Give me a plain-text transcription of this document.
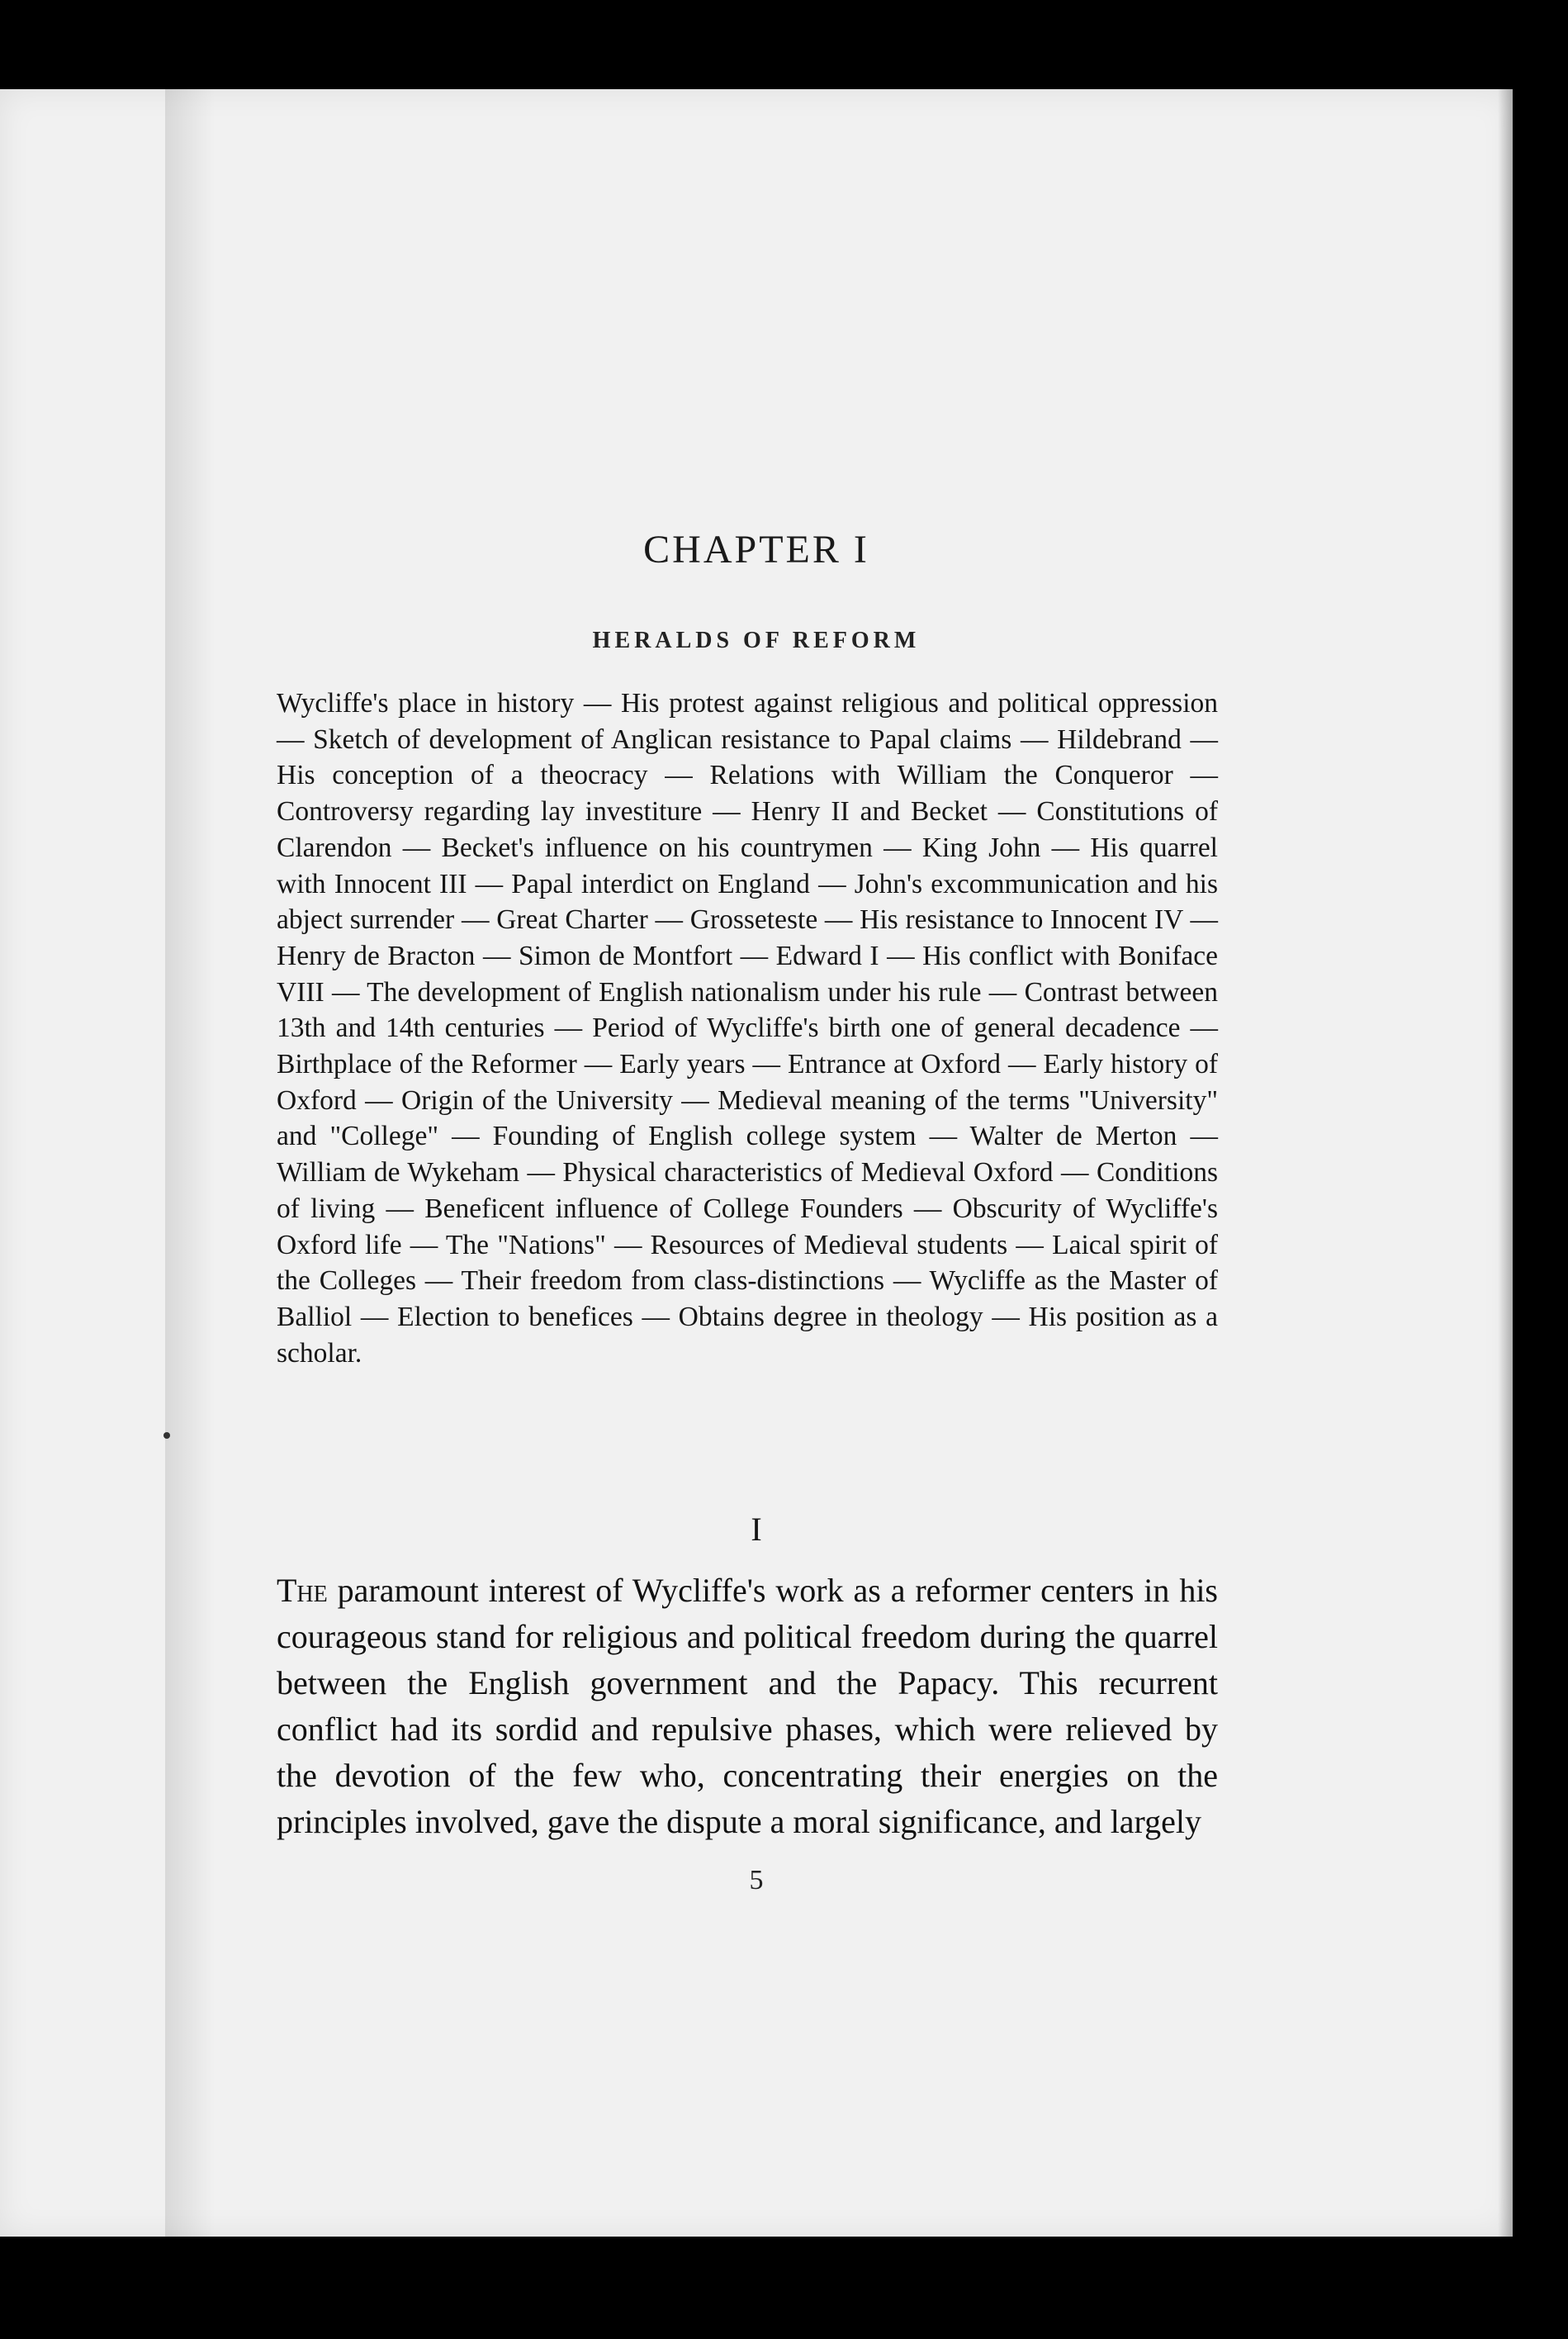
CHAPTER I
HERALDS OF REFORM

Wycliffe's place in history — His protest against religious and political oppression — Sketch of development of Anglican resistance to Papal claims — Hildebrand — His conception of a theocracy — Relations with William the Conqueror — Controversy regarding lay investiture — Henry II and Becket — Constitutions of Clarendon — Becket's influence on his countrymen — King John — His quarrel with Innocent III — Papal interdict on England — John's excommunication and his abject surrender — Great Charter — Grosseteste — His resistance to Innocent IV — Henry de Bracton — Simon de Montfort — Edward I — His conflict with Boniface VIII — The development of English nationalism under his rule — Contrast between 13th and 14th centuries — Period of Wycliffe's birth one of general decadence — Birthplace of the Reformer — Early years — Entrance at Oxford — Early history of Oxford — Origin of the University — Medieval meaning of the terms "University" and "College" — Founding of English college system — Walter de Merton — William de Wykeham — Physical characteristics of Medieval Oxford — Conditions of living — Beneficent influence of College Founders — Obscurity of Wycliffe's Oxford life — The "Nations" — Resources of Medieval students — Laical spirit of the Colleges — Their freedom from class-distinctions — Wycliffe as the Master of Balliol — Election to benefices — Obtains degree in theology — His position as a scholar.

I

The paramount interest of Wycliffe's work as a reformer centers in his courageous stand for religious and political freedom during the quarrel between the English government and the Papacy. This recurrent conflict had its sordid and repulsive phases, which were relieved by the devotion of the few who, concentrating their energies on the principles involved, gave the dispute a moral significance, and largely

5
